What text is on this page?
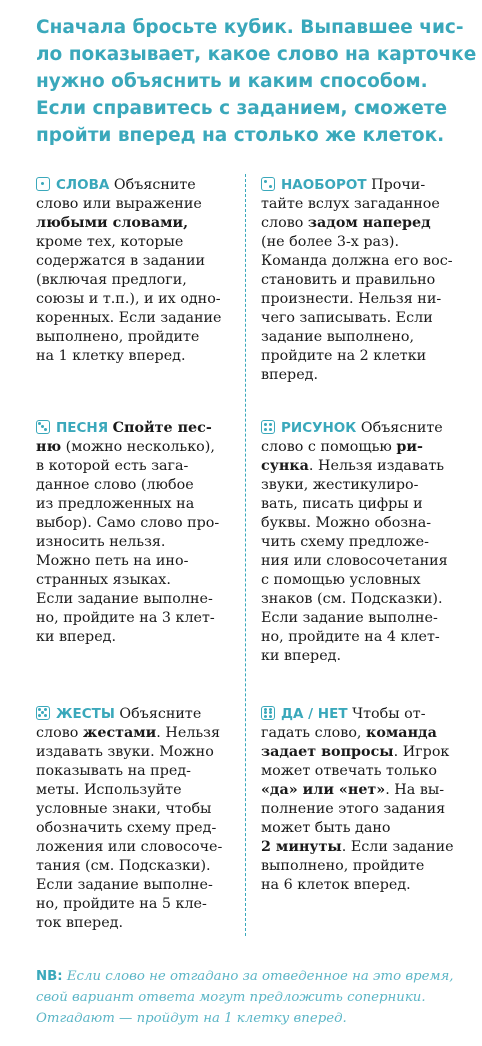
Сначала бросьте кубик. Выпавшее чис-
ло показывает, какое слово на карточке
нужно объяснить и каким способом.
Если справитесь с заданием, сможете
пройти вперед на столько же клеток.
СЛОВА Объясните
слово или выражение
любыми словами,
кроме тех, которые
содержатся в задании
(включая предлоги,
союзы и т.п.), и их одно-
коренных. Если задание
выполнено, пройдите
на 1 клетку вперед.
НАОБОРОТ Прочи-
тайте вслух загаданное
слово задом наперед
(не более 3-х раз).
Команда должна его вос-
становить и правильно
произнести. Нельзя ни-
чего записывать. Если
задание выполнено,
пройдите на 2 клетки
вперед.
ПЕСНЯ Спойте пес-
ню (можно несколько),
в которой есть зага-
данное слово (любое
из предложенных на
выбор). Само слово про-
износить нельзя.
Можно петь на ино-
странных языках.
Если задание выполне-
но, пройдите на 3 клет-
ки вперед.
РИСУНОК Объясните
слово с помощью ри-
сунка. Нельзя издавать
звуки, жестикулиро-
вать, писать цифры и
буквы. Можно обозна-
чить схему предложе-
ния или словосочетания
с помощью условных
знаков (см. Подсказки).
Если задание выполне-
но, пройдите на 4 клет-
ки вперед.
ЖЕСТЫ Объясните
слово жестами. Нельзя
издавать звуки. Можно
показывать на пред-
меты. Используйте
условные знаки, чтобы
обозначить схему пред-
ложения или словосоче-
тания (см. Подсказки).
Если задание выполне-
но, пройдите на 5 кле-
ток вперед.
ДА / НЕТ Чтобы от-
гадать слово, команда
задает вопросы. Игрок
может отвечать только
«да» или «нет». На вы-
полнение этого задания
может быть дано
2 минуты. Если задание
выполнено, пройдите
на 6 клеток вперед.
NB: Если слово не отгадано за отведенное на это время,
свой вариант ответа могут предложить соперники.
Отгадают — пройдут на 1 клетку вперед.
